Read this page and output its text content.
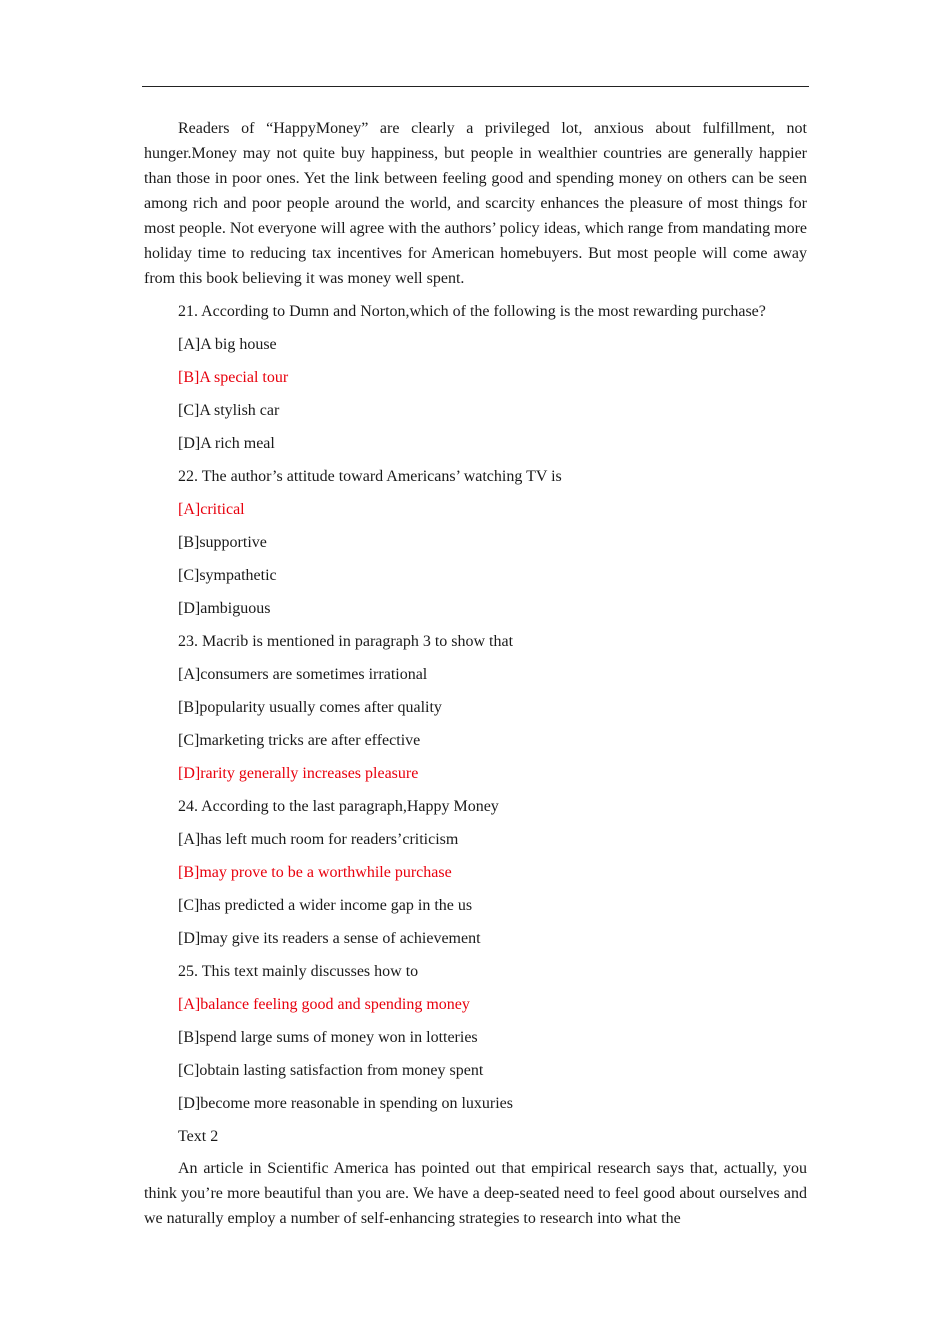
Readers of “HappyMoney” are clearly a privileged lot, anxious about fulfillment, not hunger.Money may not quite buy happiness, but people in wealthier countries are generally happier than those in poor ones. Yet the link between feeling good and spending money on others can be seen among rich and poor people around the world, and scarcity enhances the pleasure of most things for most people. Not everyone will agree with the authors’ policy ideas, which range from mandating more holiday time to reducing tax incentives for American homebuyers. But most people will come away from this book believing it was money well spent.

21. According to Dumn and Norton,which of the following is the most rewarding purchase?

[A]A big house

[B]A special tour

[C]A stylish car

[D]A rich meal

22. The author’s attitude toward Americans’ watching TV is

[A]critical

[B]supportive

[C]sympathetic

[D]ambiguous

23. Macrib is mentioned in paragraph 3 to show that

[A]consumers are sometimes irrational

[B]popularity usually comes after quality

[C]marketing tricks are after effective

[D]rarity generally increases pleasure

24. According to the last paragraph,Happy Money

[A]has left much room for readers’criticism

[B]may prove to be a worthwhile purchase

[C]has predicted a wider income gap in the us

[D]may give its readers a sense of achievement

25. This text mainly discusses how to

[A]balance feeling good and spending money

[B]spend large sums of money won in lotteries

[C]obtain lasting satisfaction from money spent

[D]become more reasonable in spending on luxuries

Text 2

An article in Scientific America has pointed out that empirical research says that, actually, you think you’re more beautiful than you are. We have a deep-seated need to feel good about ourselves and we naturally employ a number of self-enhancing strategies to research into what the
